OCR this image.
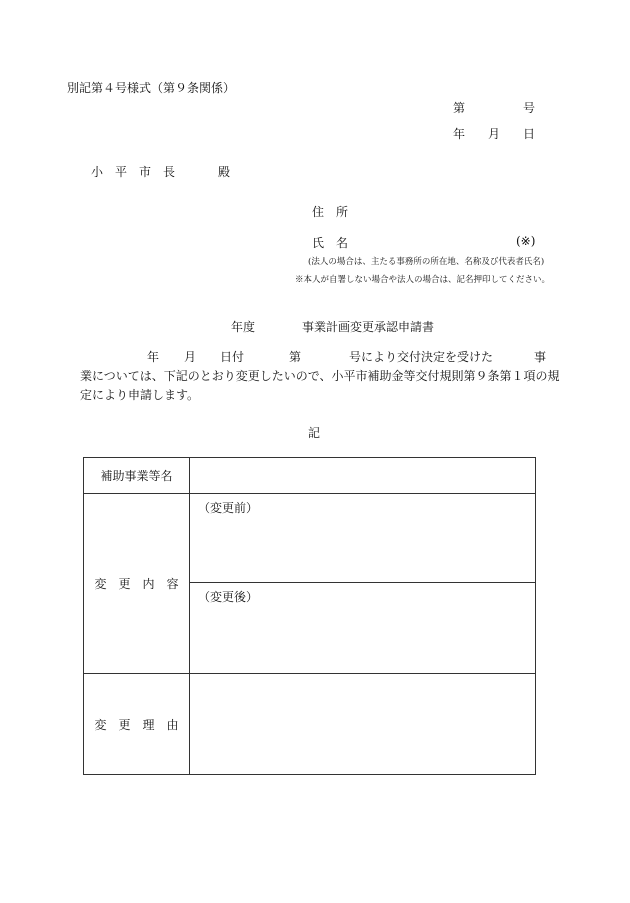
別記第４号様式（第９条関係）
第	号
年 月 日
小　平　市　長	殿
住　所
氏　名	(※)
(法人の場合は、主たる事務所の所在地、名称及び代表者氏名)
※本人が自署しない場合や法人の場合は、記名押印してください。
年度	事業計画変更承認申請書
年 月 日付	第	号により交付決定を受けた	事
業については、下記のとおり変更したいので、小平市補助金等交付規則第９条第１項の規
定により申請します。
記
補助事業等名	
変　更　内　容	（変更前）

	（変更後）

変　更　理　由	
